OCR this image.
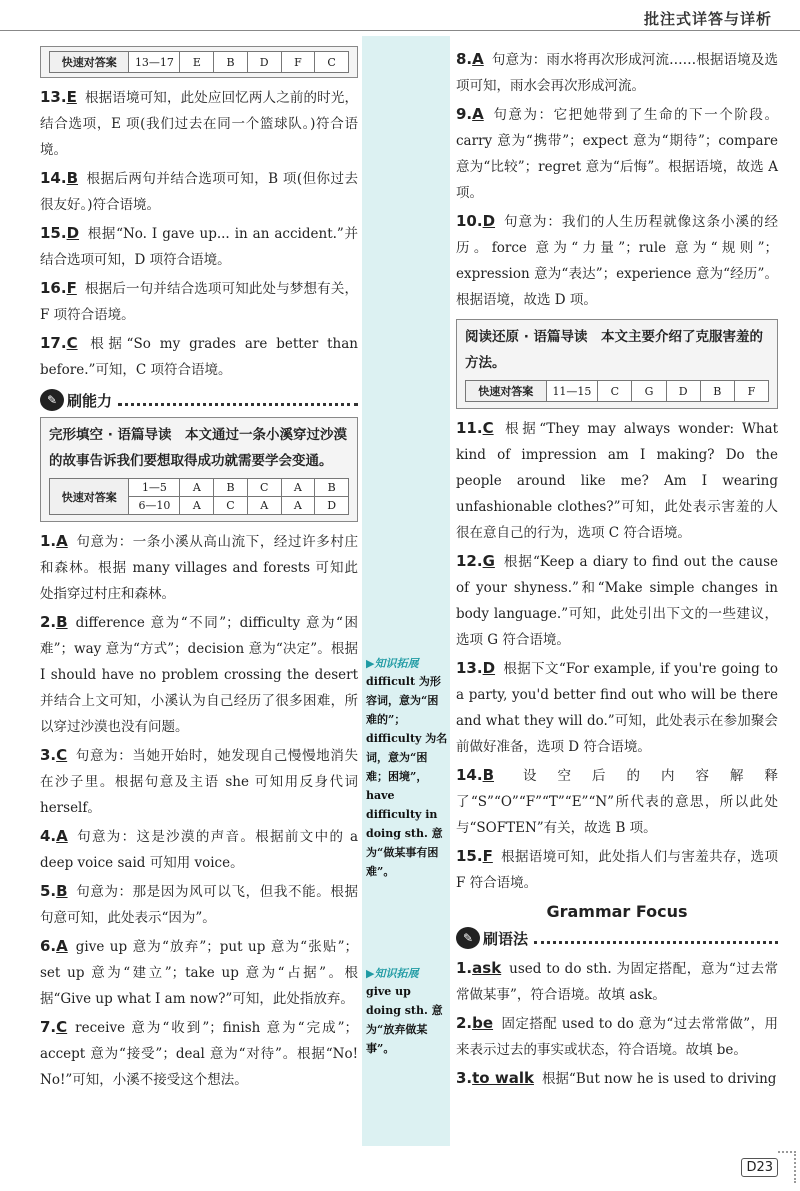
批注式详答与详析
▶知识拓展
difficult 为形容词，意为“困难的”；difficulty 为名词，意为“困难；困境”，have difficulty in doing sth. 意为“做某事有困难”。
▶知识拓展
give up doing sth. 意为“放弃做某事”。
快速对答案	13—17	E	B	D	F	C

13.E 根据语境可知，此处应回忆两人之前的时光，结合选项，E 项(我们过去在同一个篮球队。)符合语境。

14.B 根据后两句并结合选项可知，B 项(但你过去很友好。)符合语境。

15.D 根据“No. I gave up... in an accident.”并结合选项可知，D 项符合语境。

16.F 根据后一句并结合选项可知此处与梦想有关，F 项符合语境。

17.C 根据“So my grades are better than before.”可知，C 项符合语境。

✎ 刷能力
完形填空 · 语篇导读　 本文通过一条小溪穿过沙漠的故事告诉我们要想取得成功就需要学会变通。
快速对答案	1—5	A	B	C	A	B
	6—10	A	C	A	A	D

1.A 句意为：一条小溪从高山流下，经过许多村庄和森林。根据 many villages and forests 可知此处指穿过村庄和森林。

2.B difference 意为“不同”；difficulty 意为“困难”；way 意为“方式”；decision 意为“决定”。根据 I should have no problem crossing the desert 并结合上文可知，小溪认为自己经历了很多困难，所以穿过沙漠也没有问题。

3.C 句意为：当她开始时，她发现自己慢慢地消失在沙子里。根据句意及主语 she 可知用反身代词 herself。

4.A 句意为：这是沙漠的声音。根据前文中的 a deep voice said 可知用 voice。

5.B 句意为：那是因为风可以飞，但我不能。根据句意可知，此处表示“因为”。

6.A give up 意为“放弃”；put up 意为“张贴”；set up 意为“建立”；take up 意为“占据”。根据“Give up what I am now?”可知，此处指放弃。

7.C receive 意为“收到”；finish 意为“完成”；accept 意为“接受”；deal 意为“对待”。根据“No! No!”可知，小溪不接受这个想法。

8.A 句意为：雨水将再次形成河流……根据语境及选项可知，雨水会再次形成河流。

9.A 句意为：它把她带到了生命的下一个阶段。carry 意为“携带”；expect 意为“期待”；compare 意为“比较”；regret 意为“后悔”。根据语境，故选 A 项。

10.D 句意为：我们的人生历程就像这条小溪的经历。force 意为“力量”；rule 意为“规则”；expression 意为“表达”；experience 意为“经历”。根据语境，故选 D 项。

阅读还原 · 语篇导读　 本文主要介绍了克服害羞的方法。
快速对答案	11—15	C	G	D	B	F

11.C 根据“They may always wonder: What kind of impression am I making? Do the people around like me? Am I wearing unfashionable clothes?”可知，此处表示害羞的人很在意自己的行为，选项 C 符合语境。

12.G 根据“Keep a diary to find out the cause of your shyness.”和“Make simple changes in body language.”可知，此处引出下文的一些建议，选项 G 符合语境。

13.D 根据下文“For example, if you're going to a party, you'd better find out who will be there and what they will do.”可知，此处表示在参加聚会前做好准备，选项 D 符合语境。

14.B 设空后的内容解释了“S”“O”“F”“T”“E”“N”所代表的意思，所以此处与“SOFTEN”有关，故选 B 项。

15.F 根据语境可知，此处指人们与害羞共存，选项 F 符合语境。

Grammar Focus
✎ 刷语法

1.ask used to do sth. 为固定搭配，意为“过去常常做某事”，符合语境。故填 ask。

2.be 固定搭配 used to do 意为“过去常常做”，用来表示过去的事实或状态，符合语境。故填 be。

3.to walk 根据“But now he is used to driving

D23
